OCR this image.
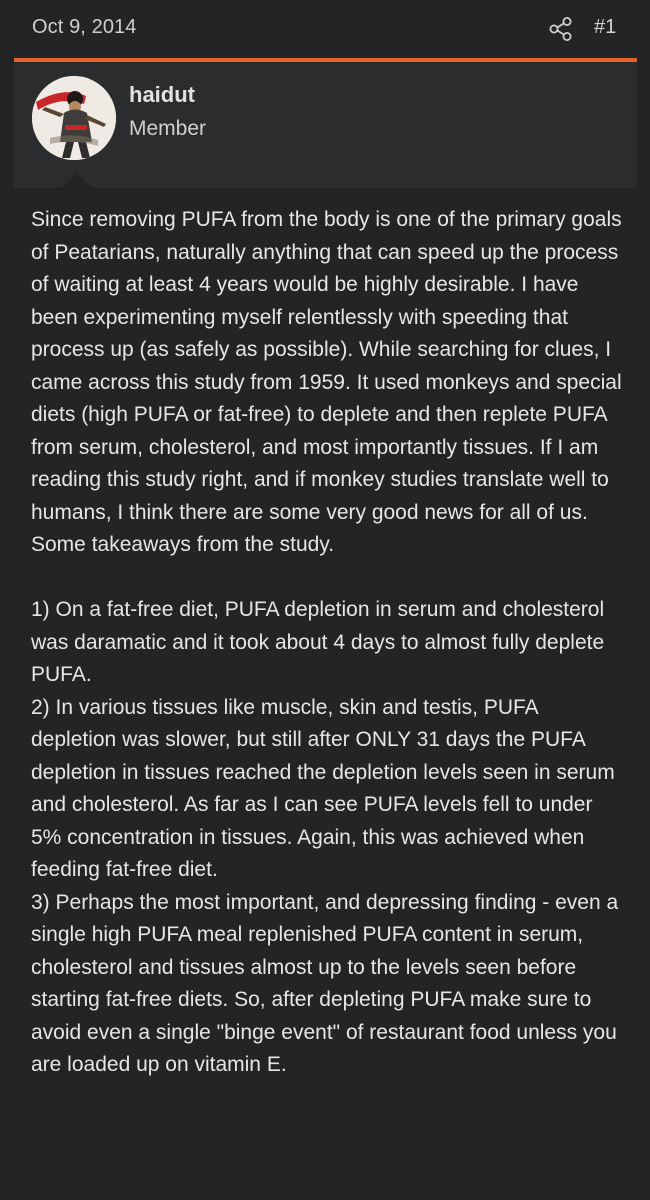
Oct 9, 2014	#1
haidut
Member
Since removing PUFA from the body is one of the primary goals of Peatarians, naturally anything that can speed up the process of waiting at least 4 years would be highly desirable. I have been experimenting myself relentlessly with speeding that process up (as safely as possible). While searching for clues, I came across this study from 1959. It used monkeys and special diets (high PUFA or fat-free) to deplete and then replete PUFA from serum, cholesterol, and most importantly tissues. If I am reading this study right, and if monkey studies translate well to humans, I think there are some very good news for all of us. Some takeaways from the study.

1) On a fat-free diet, PUFA depletion in serum and cholesterol was daramatic and it took about 4 days to almost fully deplete PUFA.
2) In various tissues like muscle, skin and testis, PUFA depletion was slower, but still after ONLY 31 days the PUFA depletion in tissues reached the depletion levels seen in serum and cholesterol. As far as I can see PUFA levels fell to under 5% concentration in tissues. Again, this was achieved when feeding fat-free diet.
3) Perhaps the most important, and depressing finding - even a single high PUFA meal replenished PUFA content in serum, cholesterol and tissues almost up to the levels seen before starting fat-free diets. So, after depleting PUFA make sure to avoid even a single "binge event" of restaurant food unless you are loaded up on vitamin E.
